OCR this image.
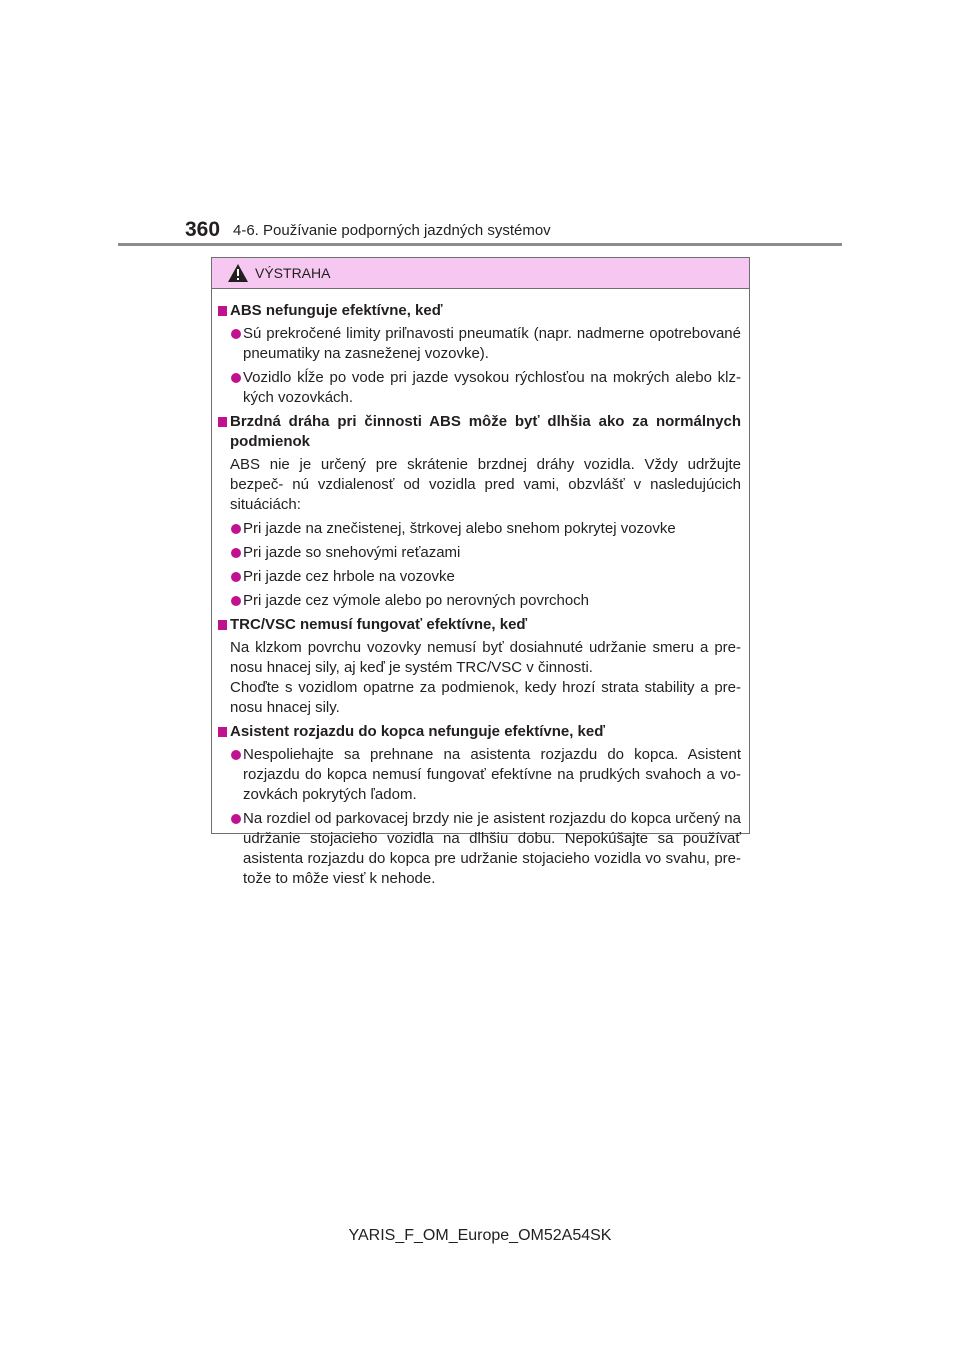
360 4-6. Používanie podporných jazdných systémov
VÝSTRAHA
ABS nefunguje efektívne, keď
Sú prekročené limity priľnavosti pneumatík (napr. nadmerne opotrebované pneumatiky na zasneženej vozovke).
Vozidlo kĺže po vode pri jazde vysokou rýchlosťou na mokrých alebo klz- kých vozovkách.
Brzdná dráha pri činnosti ABS môže byť dlhšia ako za normálnych podmienok
ABS nie je určený pre skrátenie brzdnej dráhy vozidla. Vždy udržujte bezpeč- nú vzdialenosť od vozidla pred vami, obzvlášť v nasledujúcich situáciách:
Pri jazde na znečistenej, štrkovej alebo snehom pokrytej vozovke
Pri jazde so snehovými reťazami
Pri jazde cez hrbole na vozovke
Pri jazde cez výmole alebo po nerovných povrchoch
TRC/VSC nemusí fungovať efektívne, keď
Na klzkom povrchu vozovky nemusí byť dosiahnuté udržanie smeru a pre- nosu hnacej sily, aj keď je systém TRC/VSC v činnosti.
Choďte s vozidlom opatrne za podmienok, kedy hrozí strata stability a pre- nosu hnacej sily.
Asistent rozjazdu do kopca nefunguje efektívne, keď
Nespoliehajte sa prehnane na asistenta rozjazdu do kopca. Asistent rozjazdu do kopca nemusí fungovať efektívne na prudkých svahoch a vo- zovkách pokrytých ľadom.
Na rozdiel od parkovacej brzdy nie je asistent rozjazdu do kopca určený na udržanie stojacieho vozidla na dlhšiu dobu. Nepokúšajte sa používať asistenta rozjazdu do kopca pre udržanie stojacieho vozidla vo svahu, pre- tože to môže viesť k nehode.
YARIS_F_OM_Europe_OM52A54SK
